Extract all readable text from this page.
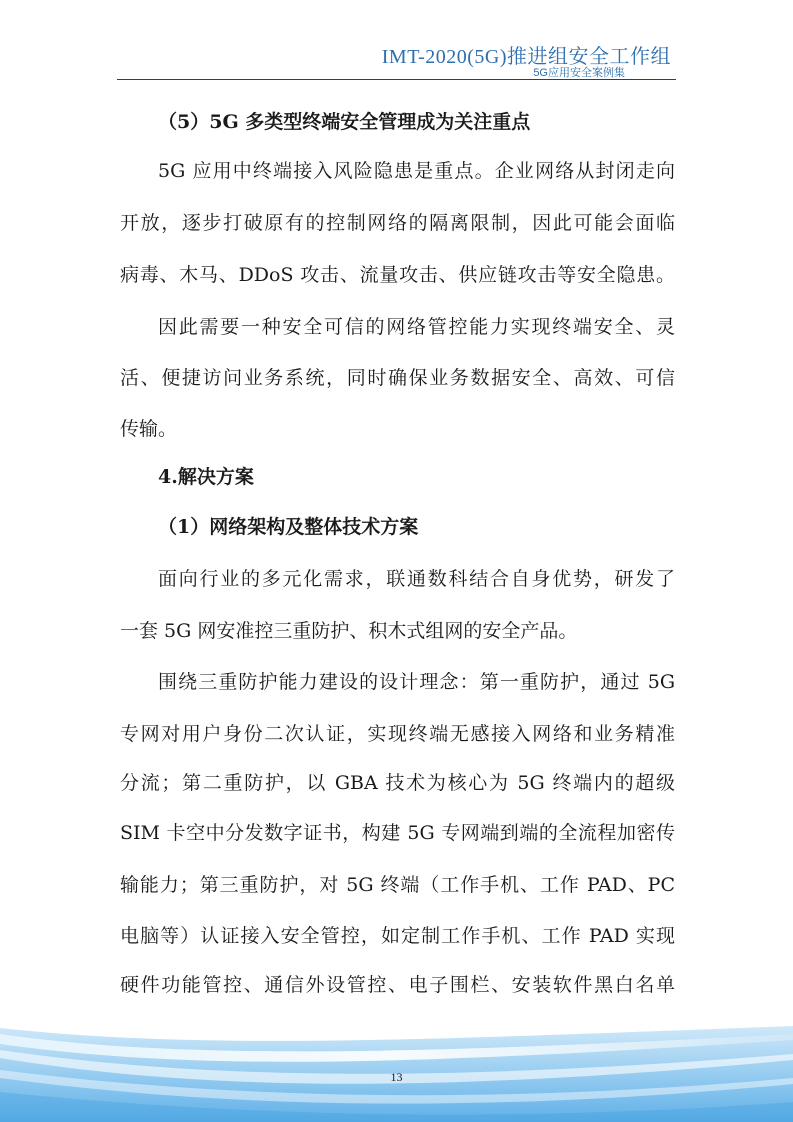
IMT-2020(5G)推进组安全工作组
5G应用安全案例集
（5）5G 多类型终端安全管理成为关注重点
5G 应用中终端接入风险隐患是重点。企业网络从封闭走向
开放，逐步打破原有的控制网络的隔离限制，因此可能会面临
病毒、木马、DDoS 攻击、流量攻击、供应链攻击等安全隐患。
因此需要一种安全可信的网络管控能力实现终端安全、灵
活、便捷访问业务系统，同时确保业务数据安全、高效、可信
传输。
4.解决方案
（1）网络架构及整体技术方案
面向行业的多元化需求，联通数科结合自身优势，研发了
一套 5G 网安准控三重防护、积木式组网的安全产品。
围绕三重防护能力建设的设计理念：第一重防护，通过 5G
专网对用户身份二次认证，实现终端无感接入网络和业务精准
分流；第二重防护，以 GBA 技术为核心为 5G 终端内的超级
SIM 卡空中分发数字证书，构建 5G 专网端到端的全流程加密传
输能力；第三重防护，对 5G 终端（工作手机、工作 PAD、PC
电脑等）认证接入安全管控，如定制工作手机、工作 PAD 实现
硬件功能管控、通信外设管控、电子围栏、安装软件黑白名单
13
